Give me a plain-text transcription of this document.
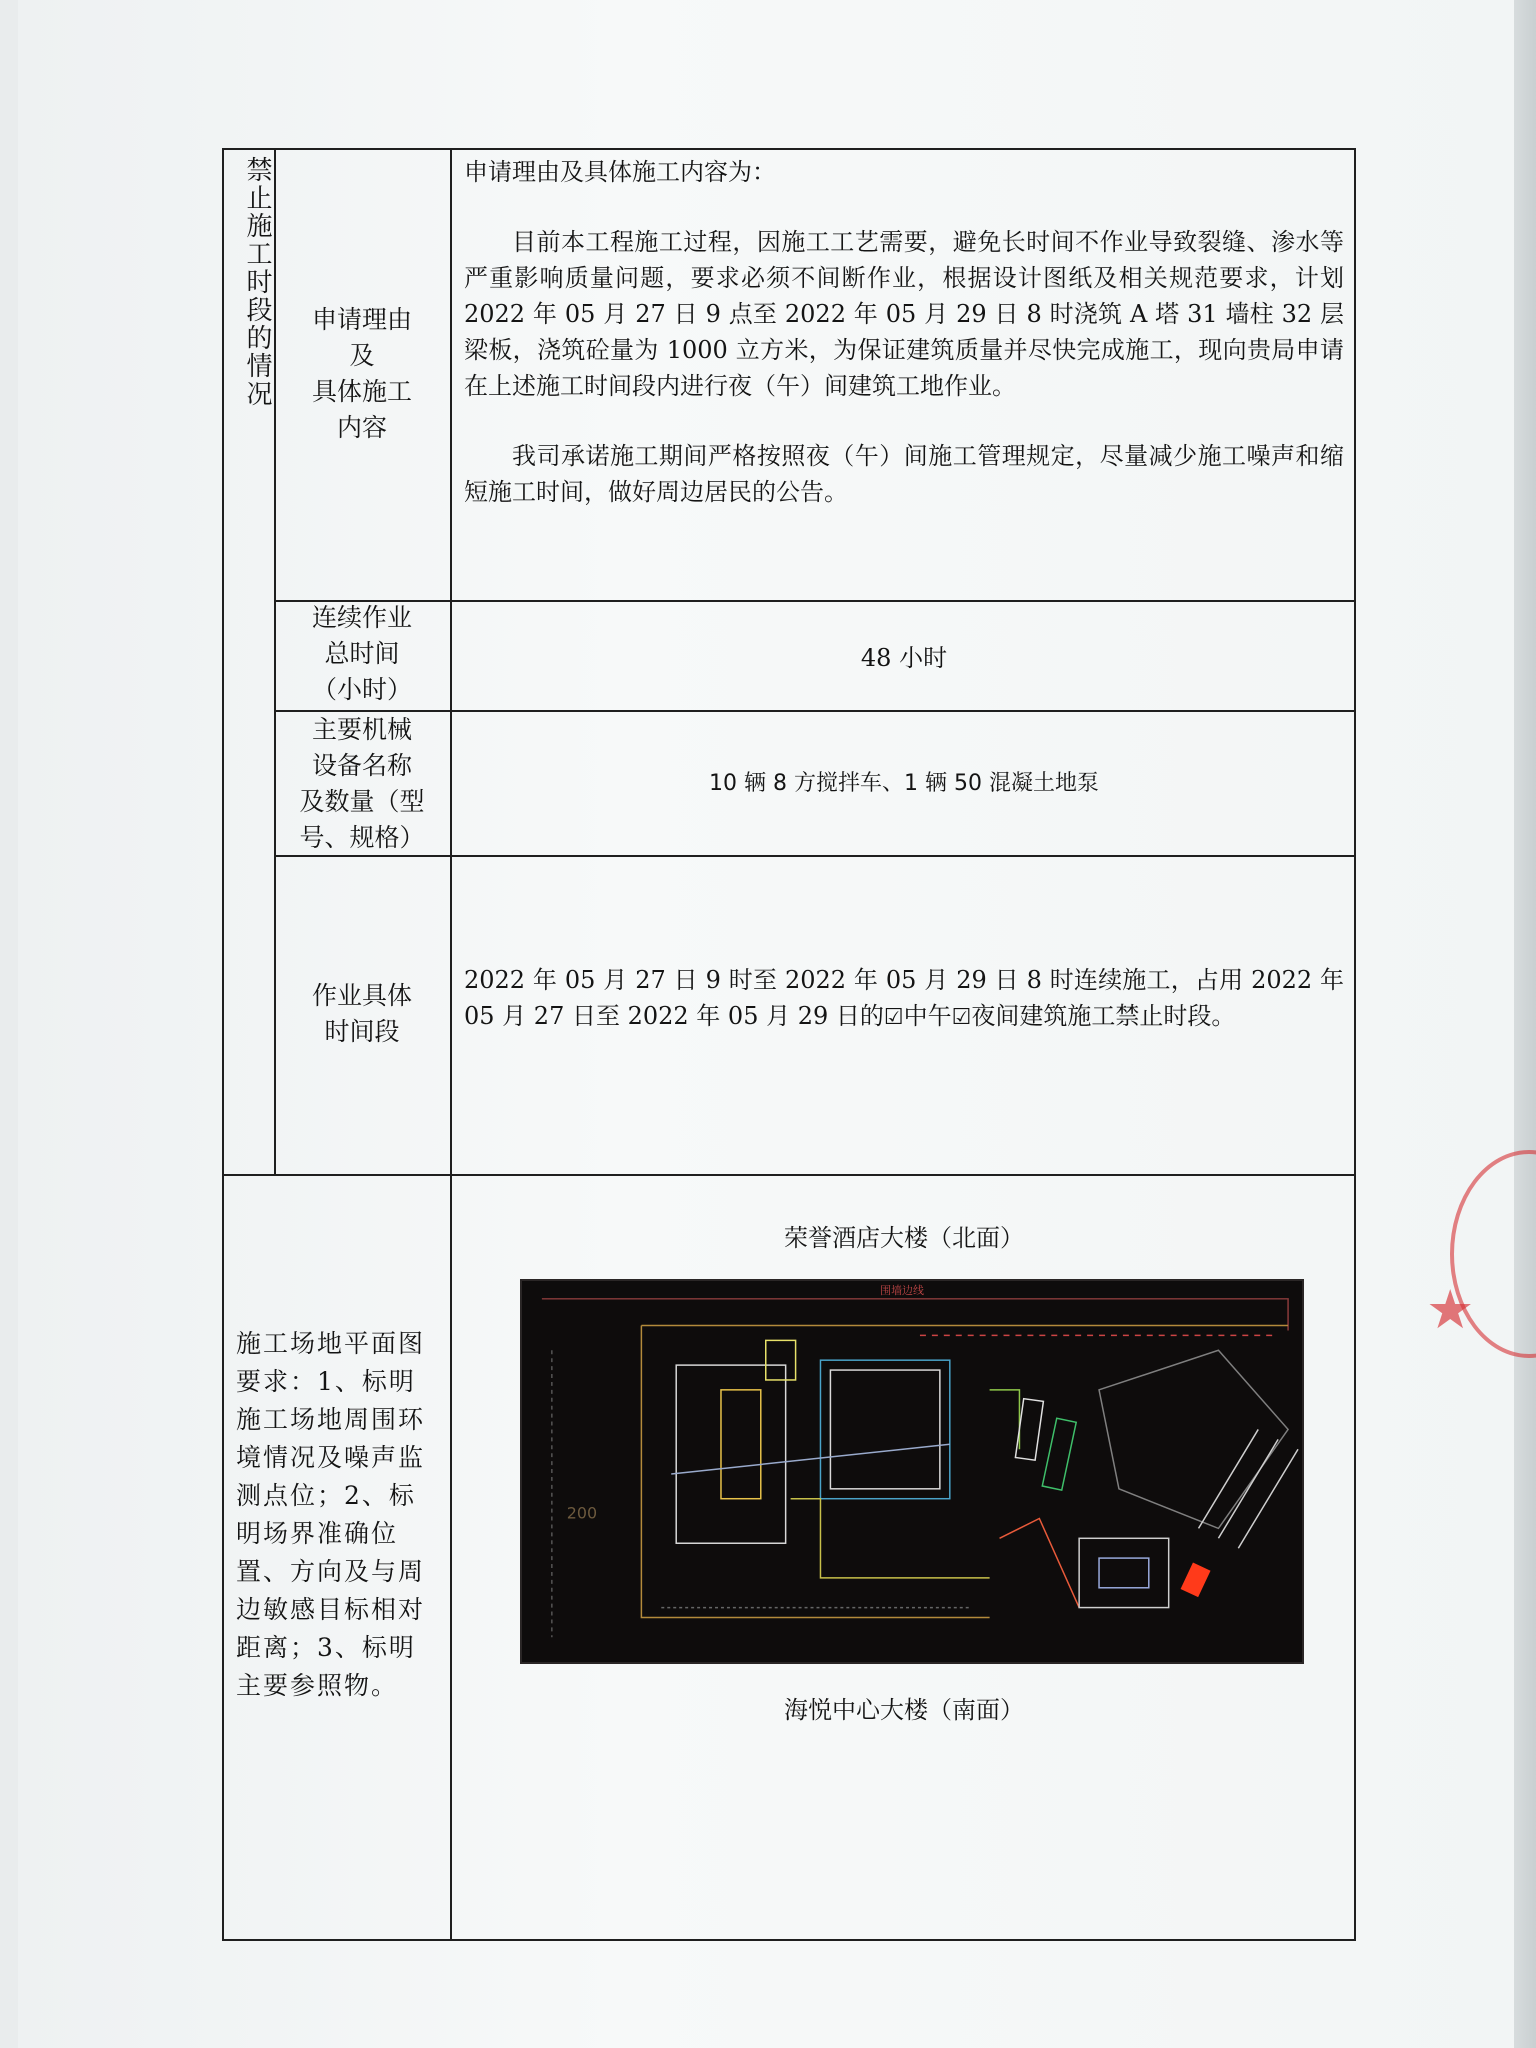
禁止施工时段的情况	申请理由
及
具体施工
内容

申请理由及具体施工内容为：

目前本工程施工过程，因施工工艺需要，避免长时间不作业导致裂缝、渗水等严重影响质量问题，要求必须不间断作业，根据设计图纸及相关规范要求，计划 2022 年 05 月 27 日 9 点至 2022 年 05 月 29 日 8 时浇筑 A 塔 31 墙柱 32 层梁板，浇筑砼量为 1000 立方米，为保证建筑质量并尽快完成施工，现向贵局申请在上述施工时间段内进行夜（午）间建筑工地作业。

我司承诺施工期间严格按照夜（午）间施工管理规定，尽量减少施工噪声和缩短施工时间，做好周边居民的公告。

连续作业
总时间
（小时）
48 小时
主要机械
设备名称
及数量（型
号、规格）
10 辆 8 方搅拌车、1 辆 50 混凝土地泵
作业具体
时间段
2022 年 05 月 27 日 9 时至 2022 年 05 月 29 日 8 时连续施工，占用 2022 年 05 月 27 日至 2022 年 05 月 29 日的☑中午☑夜间建筑施工禁止时段。
施工场地平面图
要求：1、标明施工场地周围环境情况及噪声监测点位；2、标明场界准确位置、方向及与周边敏感目标相对距离；3、标明主要参照物。
荣誉酒店大楼（北面）
围墙边线
200
海悦中心大楼（南面）
★
